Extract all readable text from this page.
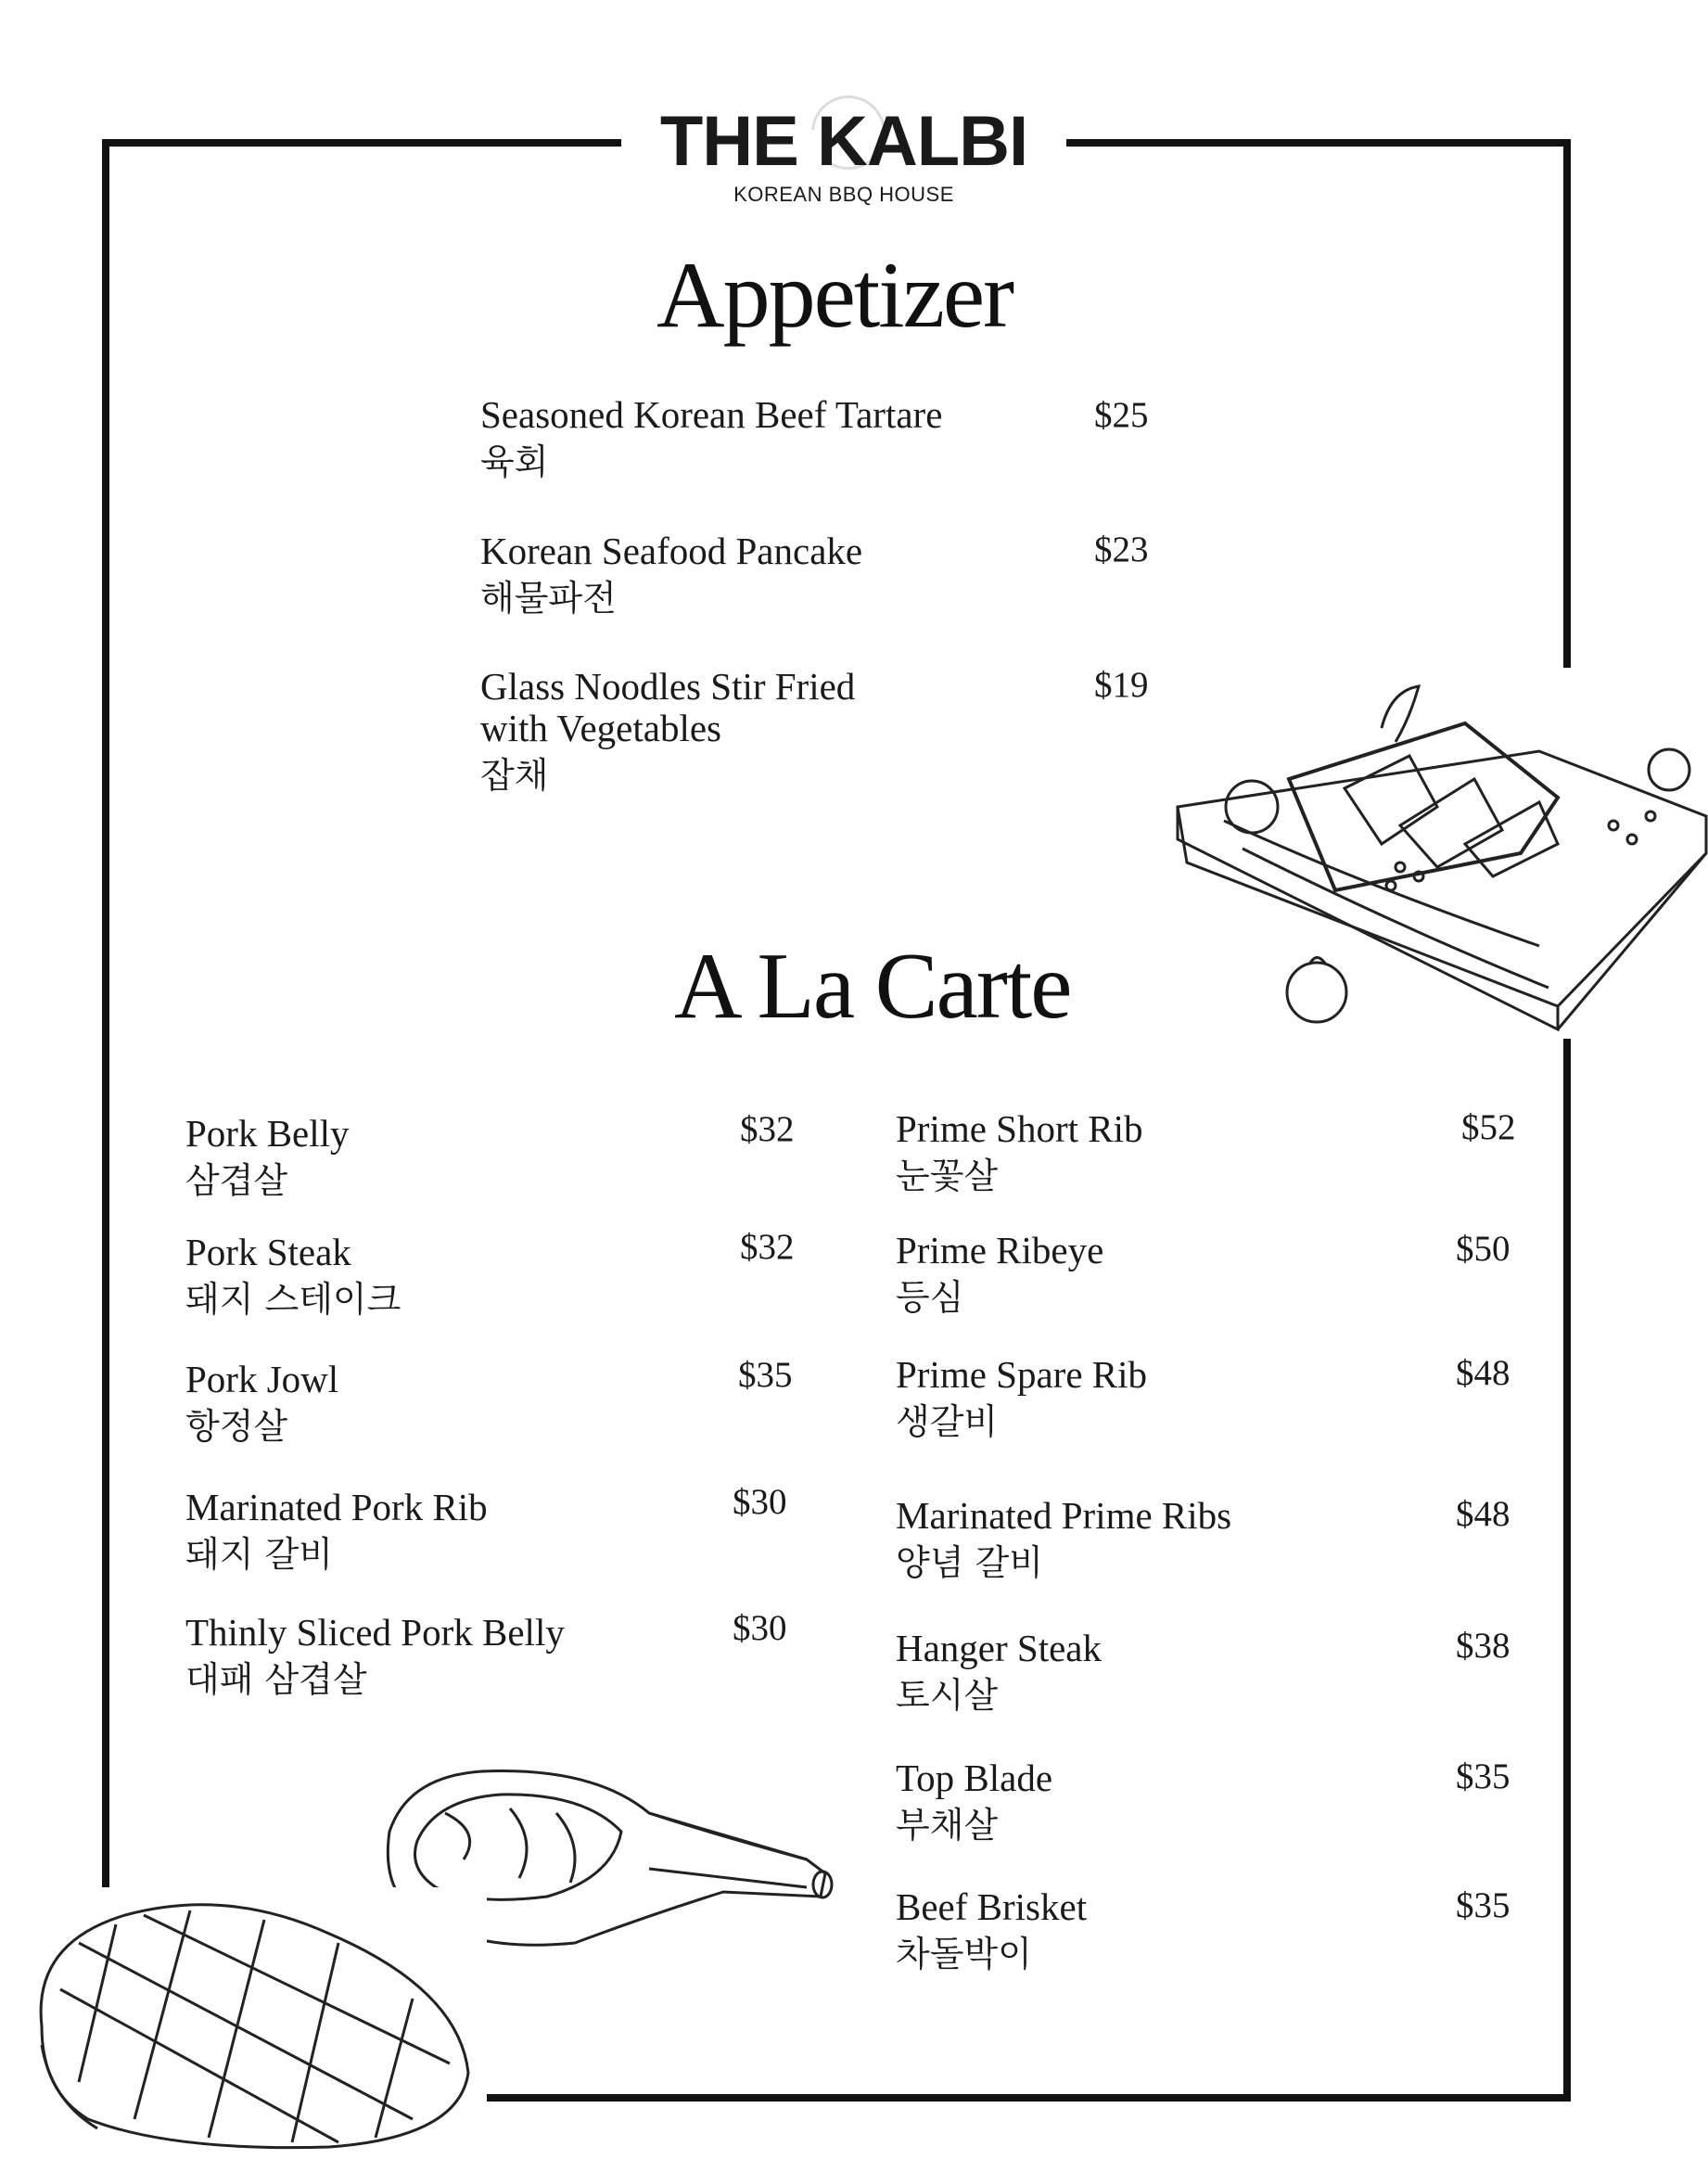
THE KALBI
KOREAN BBQ HOUSE
Appetizer
Seasoned Korean Beef Tartare
육회
$25
Korean Seafood Pancake
해물파전
$23
Glass Noodles Stir Fried
with Vegetables
잡채
$19
A La Carte
Pork Belly
삼겹살
$32
Pork Steak
돼지 스테이크
$32
Pork Jowl
항정살
$35
Marinated Pork Rib
돼지 갈비
$30
Thinly Sliced Pork Belly
대패 삼겹살
$30
Prime Short Rib
눈꽃살
$52
Prime Ribeye
등심
$50
Prime Spare Rib
생갈비
$48
Marinated Prime Ribs
양념 갈비
$48
Hanger Steak
토시살
$38
Top Blade
부채살
$35
Beef Brisket
차돌박이
$35
